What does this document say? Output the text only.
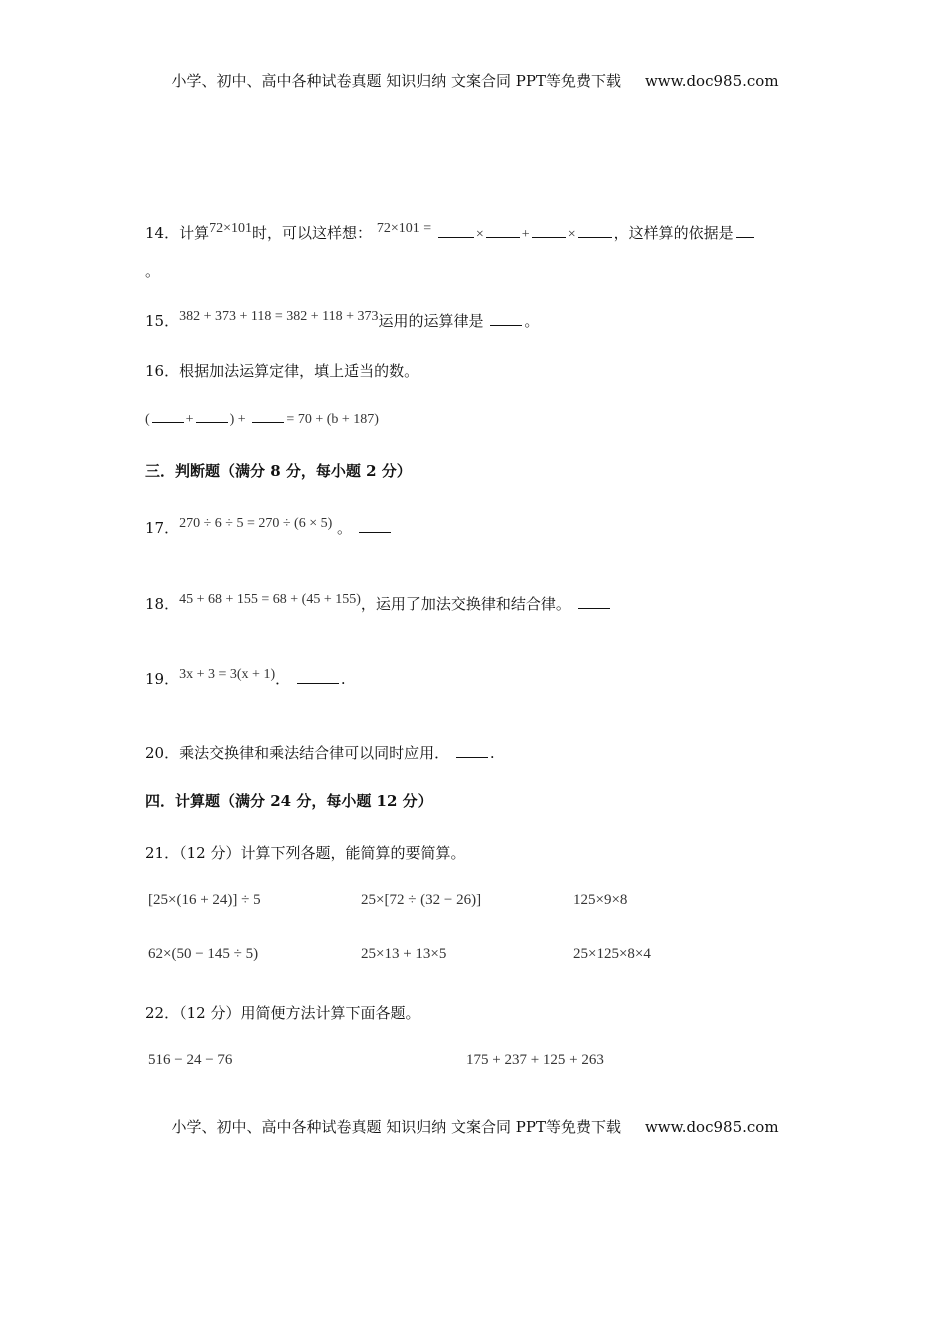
小学、初中、高中各种试卷真题 知识归纳 文案合同 PPT等免费下载 www.doc985.com
14．计算72×101时，可以这样想： 72×101 =	×	+	×	，这样算的依据是
。
15．382 + 373 + 118 = 382 + 118 + 373运用的运算律是	。
16．根据加法运算定律，填上适当的数。
(	+	) +	= 70 + (b + 187)
三．判断题（满分 8 分，每小题 2 分）
17．270 ÷ 6 ÷ 5 = 270 ÷ (6 × 5) 。
18．45 + 68 + 155 = 68 + (45 + 155)，运用了加法交换律和结合律。
19．3x + 3 = 3(x + 1)．	.
20．乘法交换律和乘法结合律可以同时应用．	.
四．计算题（满分 24 分，每小题 12 分）
21．（12 分）计算下列各题，能简算的要简算。
[25×(16 + 24)] ÷ 5	25×[72 ÷ (32 − 26)]	125×9×8
62×(50 − 145 ÷ 5)	25×13 + 13×5	25×125×8×4
22．（12 分）用简便方法计算下面各题。
516 − 24 − 76	175 + 237 + 125 + 263
小学、初中、高中各种试卷真题 知识归纳 文案合同 PPT等免费下载 www.doc985.com
